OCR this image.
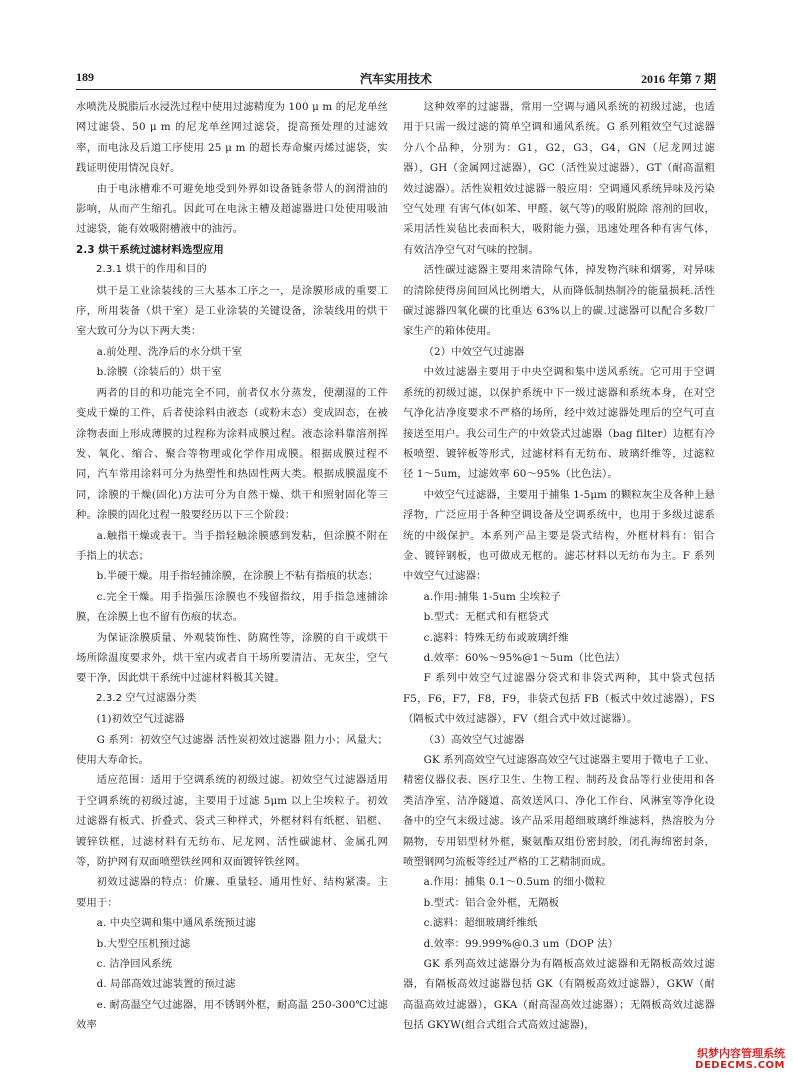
189	汽车实用技术	2016 年第 7 期

水喷洗及脱脂后水浸洗过程中使用过滤精度为 100 μ m 的尼龙单丝网过滤袋、50 μ m 的尼龙单丝网过滤袋，提高预处理的过滤效率，而电泳及后道工序使用 25 μ m 的超长寿命聚丙烯过滤袋，实践证明使用情况良好。

由于电泳槽难不可避免地受到外界如设备链条带人的润滑油的影响，从而产生缩孔。因此可在电泳主槽及超滤器进口处使用吸油过滤袋，能有效吸附槽液中的油污。

2.3 烘干系统过滤材料选型应用

2.3.1 烘干的作用和目的

烘干是工业涂装线的三大基本工序之一，是涂膜形成的重要工序，所用装备（烘干室）是工业涂装的关键设备，涂装线用的烘干室大致可分为以下两大类：

a.前处理、洗净后的水分烘干室

b.涂膜（涂装后的）烘干室

两者的目的和功能完全不同，前者仅水分蒸发，使潮湿的工件变成干燥的工件，后者使涂料由液态（或粉末态）变成固态，在被涂物表面上形成薄膜的过程称为涂料成膜过程。液态涂料靠溶剂挥发、氧化、缩合、聚合等物理或化学作用成膜。根据成膜过程不同，汽车常用涂料可分为热塑性和热固性两大类。根据成膜温度不同，涂膜的干燥(固化)方法可分为自然干燥、烘干和照射固化等三种。涂膜的固化过程一般要经历以下三个阶段：

a.触指干燥或表干。当手指轻触涂膜感到发粘，但涂膜不附在手指上的状态；

b.半硬干燥。用手指轻捕涂膜，在涂膜上不粘有指痕的状态；

c.完全干燥。用手指强压涂膜也不残留指纹，用手指急速捕涂膜，在涂膜上也不留有伤痕的状态。

为保证涂膜质量、外观装饰性、防腐性等，涂膜的自干或烘干场所除温度要求外，烘干室内或者自干场所要清洁、无灰尘，空气要干净，因此烘干系统中过滤材料极其关键。

2.3.2 空气过滤器分类

(1)初效空气过滤器

G 系列：初效空气过滤器 活性炭初效过滤器 阻力小；风量大；使用大寿命长。

适应范围：适用于空调系统的初级过滤。初效空气过滤器适用于空调系统的初级过滤，主要用于过滤 5μm 以上尘埃粒子。初效过滤器有板式、折叠式、袋式三种样式，外框材料有纸框、铝框、镀锌铁框，过滤材料有无纺布、尼龙网、活性碳滤材、金属孔网等，防护网有双面喷塑铁丝网和双面镀锌铁丝网。

初效过滤器的特点：价廉、重量轻、通用性好、结构紧凑。主要用于：

a. 中央空调和集中通风系统预过滤

b.大型空压机预过滤

c. 洁净回风系统

d. 局部高效过滤装置的预过滤

e. 耐高温空气过滤器，用不锈钢外框，耐高温 250-300℃过滤效率

这种效率的过滤器，常用一空调与通风系统的初级过滤，也适用于只需一级过滤的简单空调和通风系统。G 系列粗效空气过滤器分八个品种，分别为：G1，G2，G3，G4，GN（尼龙网过滤器），GH（金属网过滤器），GC（活性炭过滤器），GT（耐高温粗效过滤器）。活性炭粗效过滤器一般应用：空调通风系统异味及污染空气处理 有害气体(如苯、甲醛、氨气等)的吸附脱除 溶剂的回收，采用活性炭毡比表面积大，吸附能力强，迅速处理各种有害气体，有效洁净空气对气味的控制。

活性碳过滤器主要用来清除气体，掉发物汽味和烟雾，对异味的清除使得房间回风比例增大，从而降低制热制冷的能量损耗.活性碳过滤器四氧化碳的比重达 63%以上的碳.过滤器可以配合多数厂家生产的箱体使用。

（2）中效空气过滤器

中效过滤器主要用于中央空调和集中送风系统。它可用于空调系统的初级过滤，以保护系统中下一级过滤器和系统本身，在对空气净化洁净度要求不严格的场所，经中效过滤器处理后的空气可直接送至用户。我公司生产的中效袋式过滤器（bag filter）边框有冷板喷塑、镀锌板等形式，过滤材料有无纺布、玻璃纤维等，过滤粒径 1～5um，过滤效率 60～95%（比色法）。

中效空气过滤器，主要用于捕集 1-5μm 的颗粒灰尘及各种上悬浮物，广泛应用于各种空调设备及空调系统中，也用于多级过滤系统的中级保护。本系列产品主要是袋式结构，外框材料有：铝合金、镀锌钢板，也可做成无框的。滤芯材料以无纺布为主。F 系列中效空气过滤器：

a.作用:捕集 1-5um 尘埃粒子

b.型式：无框式和有框袋式

c.滤料：特殊无纺布或玻璃纤维

d.效率：60%～95%@1～5um（比色法）

F 系列中效空气过滤器分袋式和非袋式两种，其中袋式包括 F5，F6，F7，F8，F9，非袋式包括 FB（板式中效过滤器），FS（隔板式中效过滤器），FV（组合式中效过滤器）。

（3）高效空气过滤器

GK 系列高效空气过滤器高效空气过滤器主要用于微电子工业、精密仪器仪表、医疗卫生、生物工程、制药及食品等行业使用和各类洁净室、洁净隧道、高效送风口、净化工作台、风淋室等净化设备中的空气末级过滤。该产品采用超细玻璃纤维滤料，热溶胶为分隔物，专用铝型材外框，聚氨酯双组份密封胶，闭孔海绵密封条，喷塑钢网匀流板等经过严格的工艺精制而成。

a.作用：捕集 0.1～0.5um 的细小微粒

b.型式：铝合金外框，无隔板

c.滤料：超细玻璃纤维纸

d.效率：99.999%@0.3 um（DOP 法）

GK 系列高效过滤器分为有隔板高效过滤器和无隔板高效过滤器，有隔板高效过滤器包括 GK（有隔板高效过滤器），GKW（耐高温高效过滤器），GKA（耐高湿高效过滤器）；无隔板高效过滤器包括 GKYW(组合式组合式高效过滤器)，

织梦内容管理系统
DEDECMS.COM
